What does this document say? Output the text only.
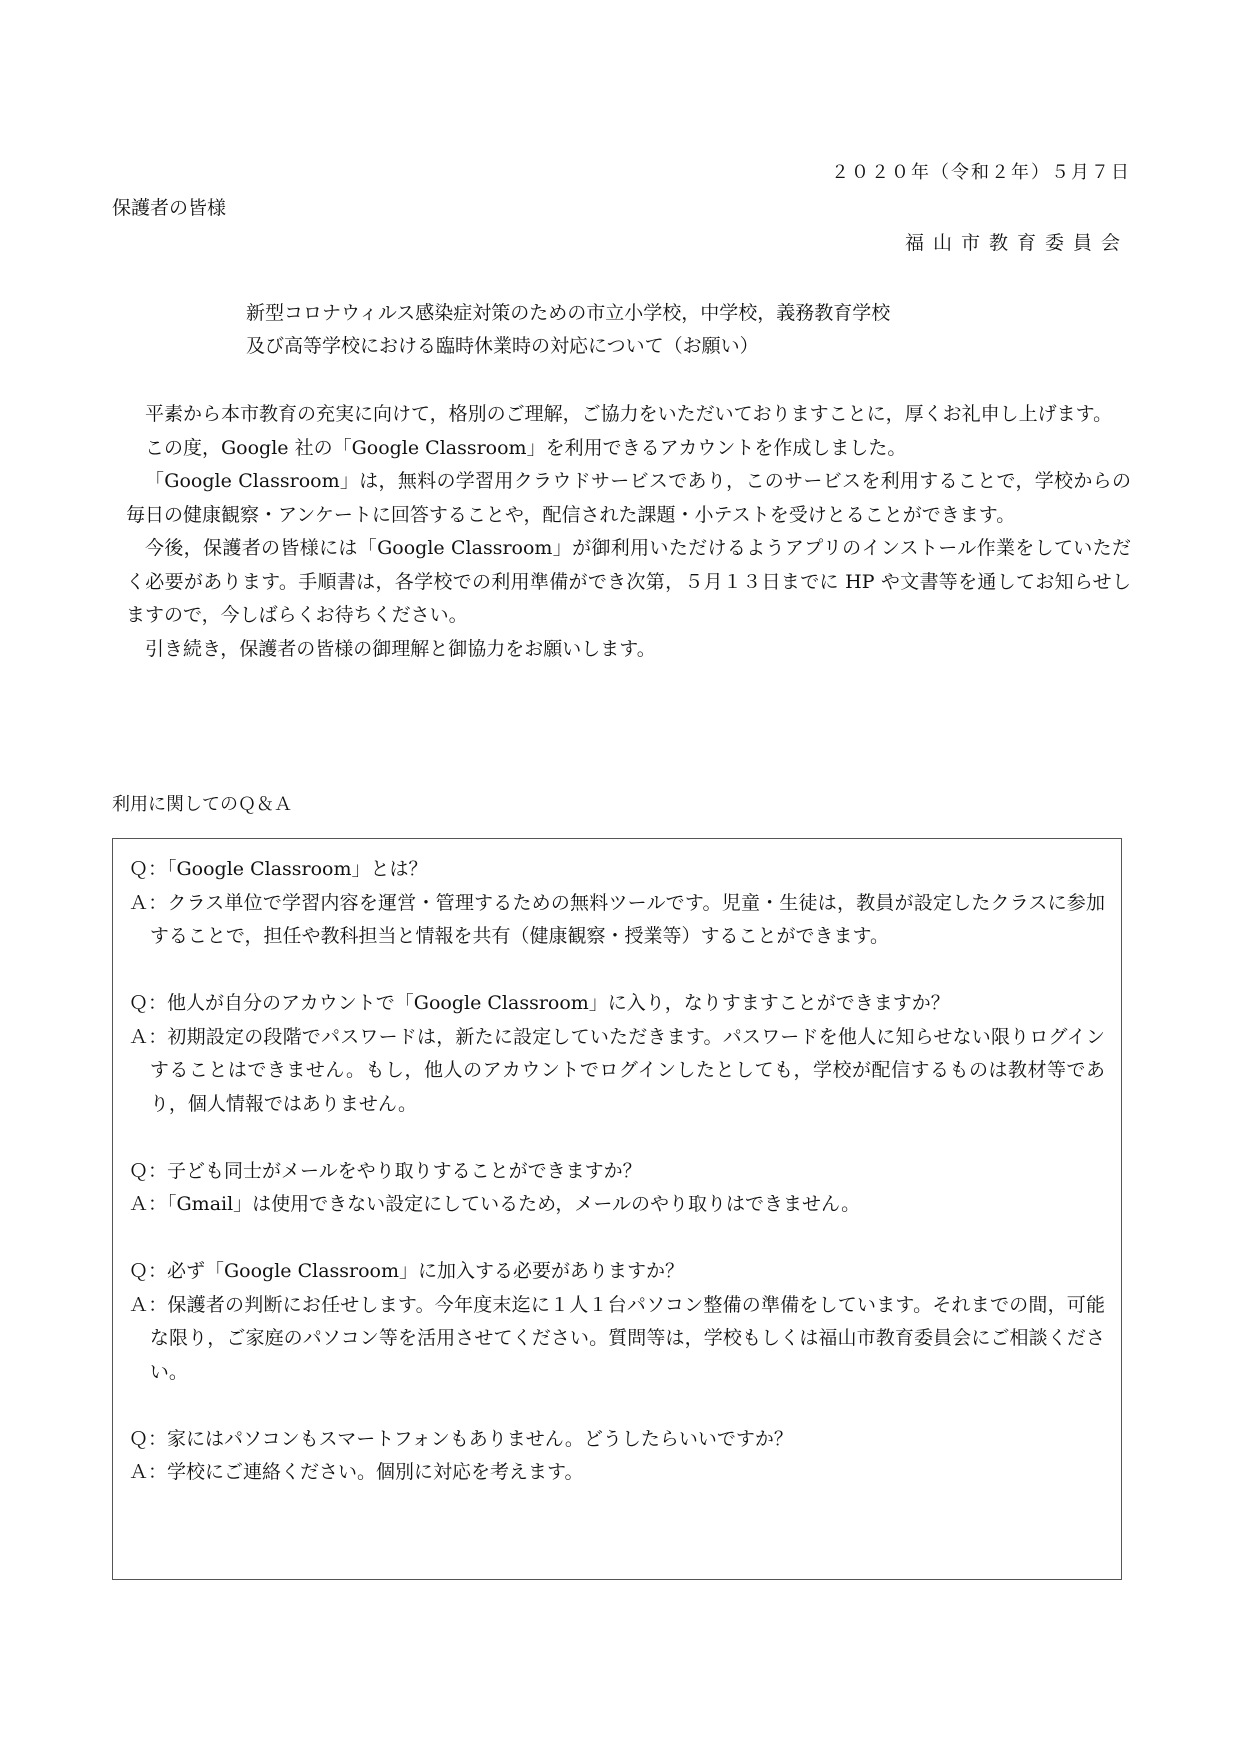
２０２０年（令和２年）５月７日
保護者の皆様
福山市教育委員会
新型コロナウィルス感染症対策のための市立小学校，中学校，義務教育学校
及び高等学校における臨時休業時の対応について（お願い）

平素から本市教育の充実に向けて，格別のご理解，ご協力をいただいておりますことに，厚くお礼申し上げます。

この度，Google 社の「Google Classroom」を利用できるアカウントを作成しました。

「Google Classroom」は，無料の学習用クラウドサービスであり，このサービスを利用することで，学校からの毎日の健康観察・アンケートに回答することや，配信された課題・小テストを受けとることができます。

今後，保護者の皆様には「Google Classroom」が御利用いただけるようアプリのインストール作業をしていただく必要があります。手順書は，各学校での利用準備ができ次第，５月１３日までに HP や文書等を通してお知らせしますので，今しばらくお待ちください。

引き続き，保護者の皆様の御理解と御協力をお願いします。

利用に関してのＱ＆Ａ

Ｑ：「Google Classroom」とは？

Ａ：クラス単位で学習内容を運営・管理するための無料ツールです。児童・生徒は，教員が設定したクラスに参加することで，担任や教科担当と情報を共有（健康観察・授業等）することができます。

Ｑ：他人が自分のアカウントで「Google Classroom」に入り，なりすますことができますか？

Ａ：初期設定の段階でパスワードは，新たに設定していただきます。パスワードを他人に知らせない限りログインすることはできません。もし，他人のアカウントでログインしたとしても，学校が配信するものは教材等であり，個人情報ではありません。

Ｑ：子ども同士がメールをやり取りすることができますか？

Ａ：「Gmail」は使用できない設定にしているため，メールのやり取りはできません。

Ｑ：必ず「Google Classroom」に加入する必要がありますか？

Ａ：保護者の判断にお任せします。今年度末迄に１人１台パソコン整備の準備をしています。それまでの間，可能な限り，ご家庭のパソコン等を活用させてください。質問等は，学校もしくは福山市教育委員会にご相談ください。

Ｑ：家にはパソコンもスマートフォンもありません。どうしたらいいですか？

Ａ：学校にご連絡ください。個別に対応を考えます。
